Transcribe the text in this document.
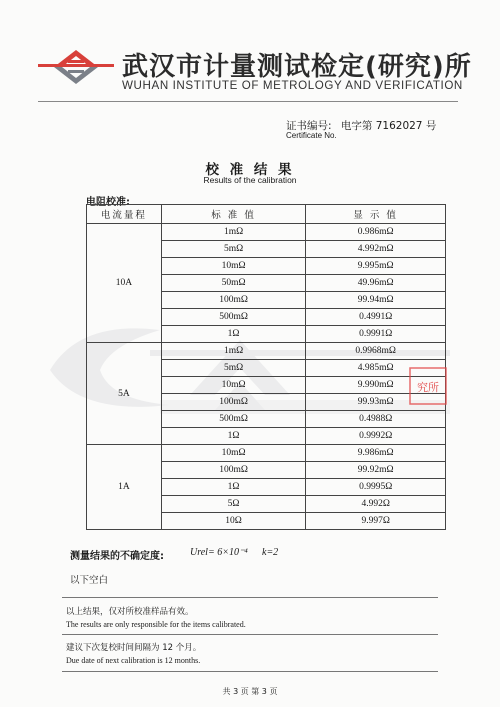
武汉市计量测试检定(研究)所
WUHAN INSTITUTE OF METROLOGY AND VERIFICATION
证书编号: 电字第 7162027 号
Certificate No.
校 准 结 果
Results of the calibration
电阻校准:
电流量程	标 准 值	显 示 值
10A	1mΩ	0.986mΩ
	5mΩ	4.992mΩ
	10mΩ	9.995mΩ
	50mΩ	49.96mΩ
	100mΩ	99.94mΩ
	500mΩ	0.4991Ω
	1Ω	0.9991Ω
5A	1mΩ	0.9968mΩ
	5mΩ	4.985mΩ
	10mΩ	9.990mΩ
	100mΩ	99.93mΩ
	500mΩ	0.4988Ω
	1Ω	0.9992Ω
1A	10mΩ	9.986mΩ
	100mΩ	99.92mΩ
	1Ω	0.9995Ω
	5Ω	4.992Ω
	10Ω	9.997Ω
究所
测量结果的不确定度:	Urel= 6×10⁻⁴ k=2
以下空白
以上结果，仅对所校准样品有效。
The results are only responsible for the items calibrated.
建议下次复校时间间隔为 12 个月。
Due date of next calibration is 12 months.
共 3 页 第 3 页
